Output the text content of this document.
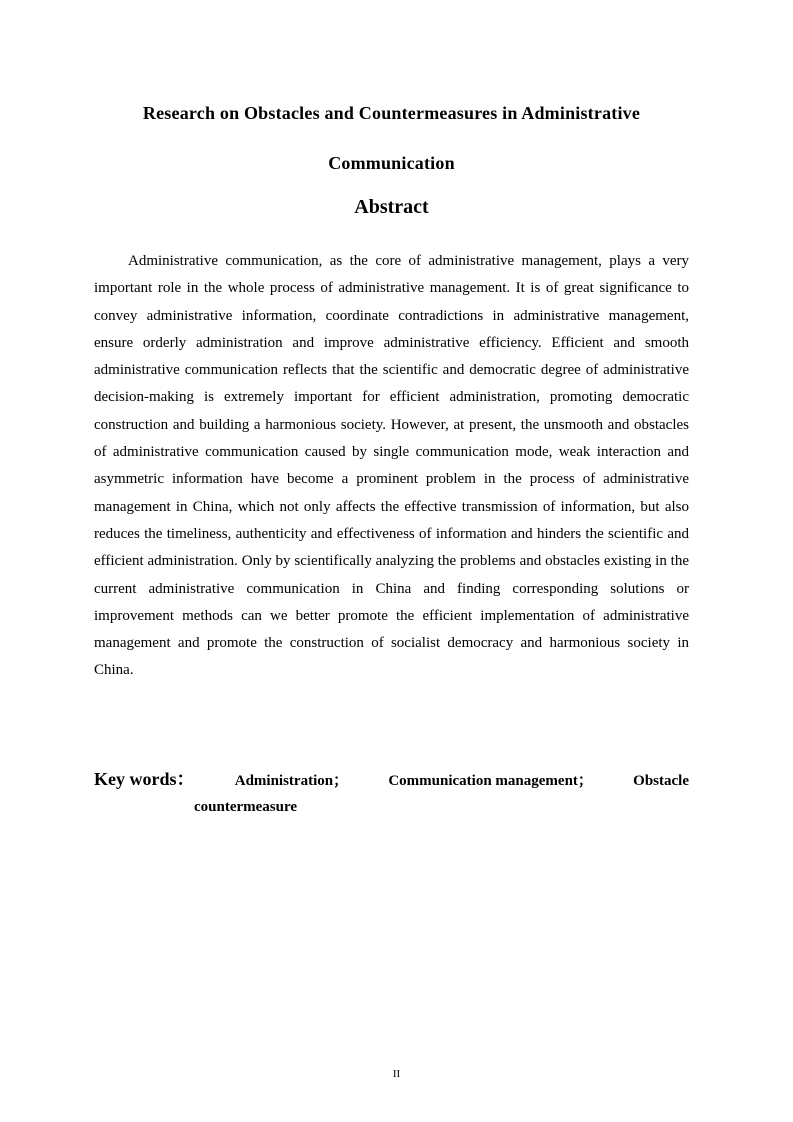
Research on Obstacles and Countermeasures in Administrative Communication
Abstract

Administrative communication, as the core of administrative management, plays a very important role in the whole process of administrative management. It is of great significance to convey administrative information, coordinate contradictions in administrative management, ensure orderly administration and improve administrative efficiency. Efficient and smooth administrative communication reflects that the scientific and democratic degree of administrative decision-making is extremely important for efficient administration, promoting democratic construction and building a harmonious society. However, at present, the unsmooth and obstacles of administrative communication caused by single communication mode, weak interaction and asymmetric information have become a prominent problem in the process of administrative management in China, which not only affects the effective transmission of information, but also reduces the timeliness, authenticity and effectiveness of information and hinders the scientific and efficient administration. Only by scientifically analyzing the problems and obstacles existing in the current administrative communication in China and finding corresponding solutions or improvement methods can we better promote the efficient implementation of administrative management and promote the construction of socialist democracy and harmonious society in China.

Key words：	Administration；	Communication management；	Obstacle
countermeasure
II
